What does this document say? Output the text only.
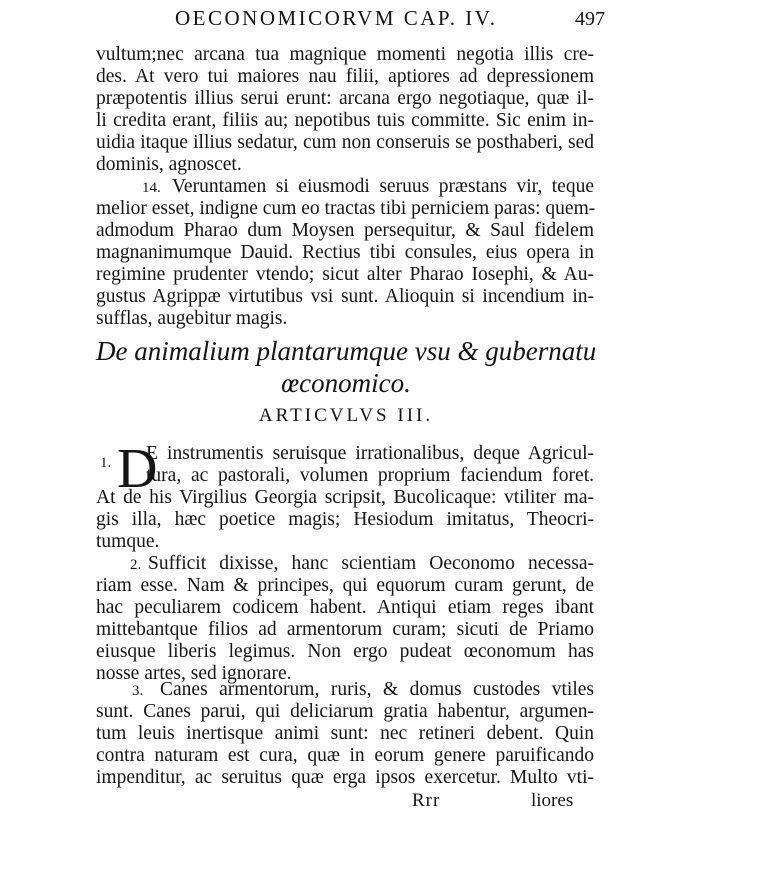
OECONOMICORVM CAP. IV.	497
vultum;nec arcana tua magnique momenti negotia illis cre-
des. At vero tui maiores nau filii, aptiores ad depressionem
præpotentis illius serui erunt: arcana ergo negotiaque, quæ il-
li credita erant, filiis au; nepotibus tuis committe. Sic enim in-
uidia itaque illius sedatur, cum non conseruis se posthaberi, sed
dominis, agnoscet.
14. Veruntamen si eiusmodi seruus præstans vir, teque
melior esset, indigne cum eo tractas tibi perniciem paras: quem-
admodum Pharao dum Moysen persequitur, & Saul fidelem
magnanimumque Dauid. Rectius tibi consules, eius opera in
regimine prudenter vtendo; sicut alter Pharao Iosephi, & Au-
gustus Agrippæ virtutibus vsi sunt. Alioquin si incendium in-
sufflas, augebitur magis.
De animalium plantarumque vsu & gubernatu
œconomico.
ARTICVLVS III.
1. D
E instrumentis seruisque irrationalibus, deque Agricul-
tura, ac pastorali, volumen proprium faciendum foret.
At de his Virgilius Georgia scripsit, Bucolicaque: vtiliter ma-
gis illa, hæc poetice magis; Hesiodum imitatus, Theocri-
tumque.
2. Sufficit dixisse, hanc scientiam Oeconomo necessa-
riam esse. Nam & principes, qui equorum curam gerunt, de
hac peculiarem codicem habent. Antiqui etiam reges ibant
mittebantque filios ad armentorum curam; sicuti de Priamo
eiusque liberis legimus. Non ergo pudeat œconomum has
nosse artes, sed ignorare.
3. Canes armentorum, ruris, & domus custodes vtiles
sunt. Canes parui, qui deliciarum gratia habentur, argumen-
tum leuis inertisque animi sunt: nec retineri debent. Quin
contra naturam est cura, quæ in eorum genere paruificando
impenditur, ac seruitus quæ erga ipsos exercetur. Multo vti-
Rrr	liores
